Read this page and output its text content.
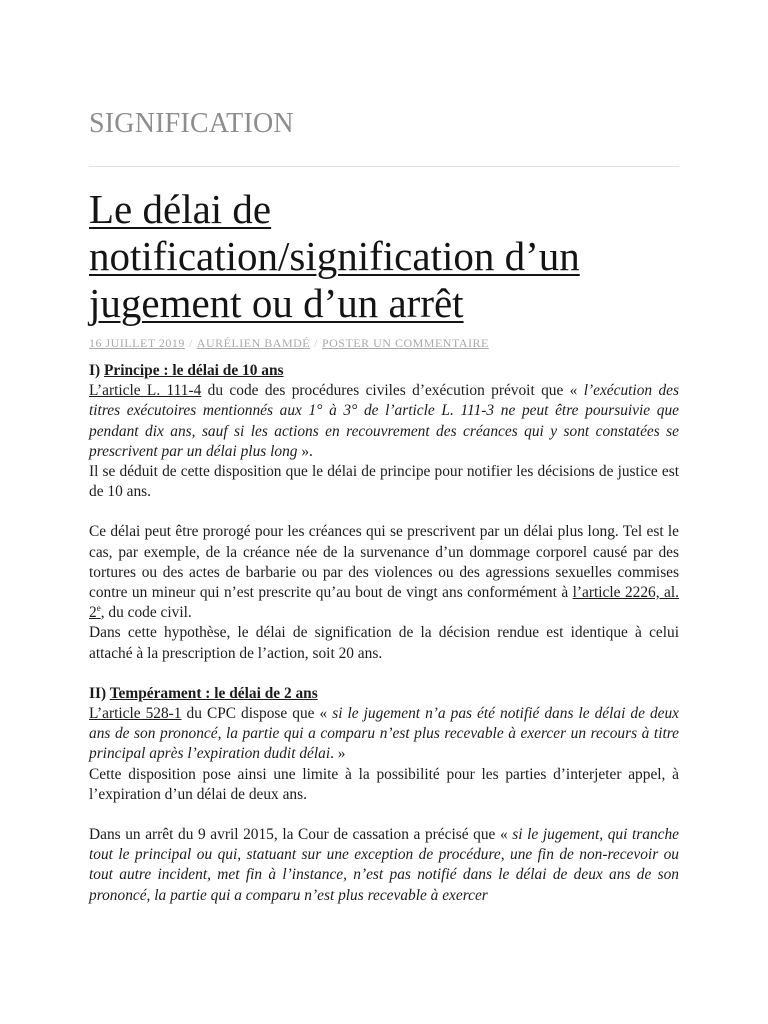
SIGNIFICATION
Le délai de notification/signification d’un jugement ou d’un arrêt
16 JUILLET 2019 / AURÉLIEN BAMDÉ / POSTER UN COMMENTAIRE

I) Principe : le délai de 10 ans

L’article L. 111-4 du code des procédures civiles d’exécution prévoit que « l’exécution des titres exécutoires mentionnés aux 1° à 3° de l’article L. 111-3 ne peut être poursuivie que pendant dix ans, sauf si les actions en recouvrement des créances qui y sont constatées se prescrivent par un délai plus long ».

Il se déduit de cette disposition que le délai de principe pour notifier les décisions de justice est de 10 ans.

Ce délai peut être prorogé pour les créances qui se prescrivent par un délai plus long. Tel est le cas, par exemple, de la créance née de la survenance d’un dommage corporel causé par des tortures ou des actes de barbarie ou par des violences ou des agressions sexuelles commises contre un mineur qui n’est prescrite qu’au bout de vingt ans conformément à l’article 2226, al. 2e, du code civil.

Dans cette hypothèse, le délai de signification de la décision rendue est identique à celui attaché à la prescription de l’action, soit 20 ans.

II) Tempérament : le délai de 2 ans

L’article 528-1 du CPC dispose que « si le jugement n’a pas été notifié dans le délai de deux ans de son prononcé, la partie qui a comparu n’est plus recevable à exercer un recours à titre principal après l’expiration dudit délai. »

Cette disposition pose ainsi une limite à la possibilité pour les parties d’interjeter appel, à l’expiration d’un délai de deux ans.

Dans un arrêt du 9 avril 2015, la Cour de cassation a précisé que « si le jugement, qui tranche tout le principal ou qui, statuant sur une exception de procédure, une fin de non-recevoir ou tout autre incident, met fin à l’instance, n’est pas notifié dans le délai de deux ans de son prononcé, la partie qui a comparu n’est plus recevable à exercer
